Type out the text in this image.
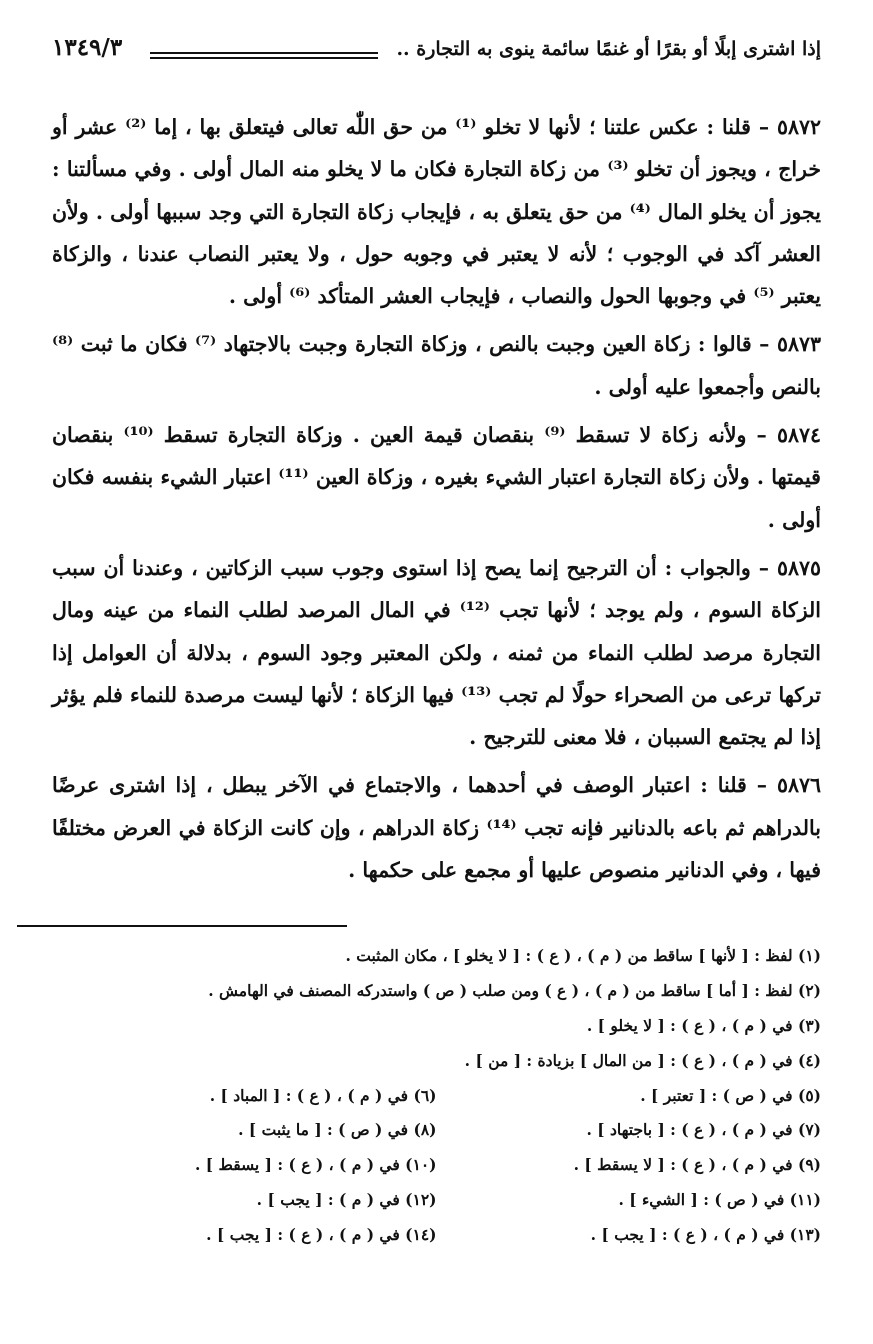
إذا اشترى إبلًا أو بقرًا أو غنمًا سائمة ينوى به التجارة ..
١٣٤٩/٣

٥٨٧٢ – قلنا : عكس علتنا ؛ لأنها لا تخلو ⁽¹⁾ من حق اللّٰه تعالى فيتعلق بها ، إما ⁽²⁾ عشر أو خراج ، ويجوز أن تخلو ⁽³⁾ من زكاة التجارة فكان ما لا يخلو منه المال أولى . وفي مسألتنا : يجوز أن يخلو المال ⁽⁴⁾ من حق يتعلق به ، فإيجاب زكاة التجارة التي وجد سببها أولى . ولأن العشر آكد في الوجوب ؛ لأنه لا يعتبر في وجوبه حول ، ولا يعتبر النصاب عندنا ، والزكاة يعتبر ⁽⁵⁾ في وجوبها الحول والنصاب ، فإيجاب العشر المتأكد ⁽⁶⁾ أولى .

٥٨٧٣ – قالوا : زكاة العين وجبت بالنص ، وزكاة التجارة وجبت بالاجتهاد ⁽⁷⁾ فكان ما ثبت ⁽⁸⁾ بالنص وأجمعوا عليه أولى .

٥٨٧٤ – ولأنه زكاة لا تسقط ⁽⁹⁾ بنقصان قيمة العين . وزكاة التجارة تسقط ⁽¹⁰⁾ بنقصان قيمتها . ولأن زكاة التجارة اعتبار الشيء بغيره ، وزكاة العين ⁽¹¹⁾ اعتبار الشيء بنفسه فكان أولى .

٥٨٧٥ – والجواب : أن الترجيح إنما يصح إذا استوى وجوب سبب الزكاتين ، وعندنا أن سبب الزكاة السوم ، ولم يوجد ؛ لأنها تجب ⁽¹²⁾ في المال المرصد لطلب النماء من عينه ومال التجارة مرصد لطلب النماء من ثمنه ، ولكن المعتبر وجود السوم ، بدلالة أن العوامل إذا تركها ترعى من الصحراء حولًا لم تجب ⁽¹³⁾ فيها الزكاة ؛ لأنها ليست مرصدة للنماء فلم يؤثر إذا لم يجتمع السببان ، فلا معنى للترجيح .

٥٨٧٦ – قلنا : اعتبار الوصف في أحدهما ، والاجتماع في الآخر يبطل ، إذا اشترى عرضًا بالدراهم ثم باعه بالدنانير فإنه تجب ⁽¹⁴⁾ زكاة الدراهم ، وإن كانت الزكاة في العرض مختلفًا فيها ، وفي الدنانير منصوص عليها أو مجمع على حكمها .

(١) لفظ : [ لأنها ] ساقط من ( م ) ، ( ع ) : [ لا يخلو ] ، مكان المثبت .
(٢) لفظ : [ أما ] ساقط من ( م ) ، ( ع ) ومن صلب ( ص ) واستدركه المصنف في الهامش .
(٣) في ( م ) ، ( ع ) : [ لا يخلو ] .
(٤) في ( م ) ، ( ع ) : [ من المال ] بزيادة : [ من ] .
(٥) في ( ص ) : [ تعتبر ] .
(٦) في ( م ) ، ( ع ) : [ المباد ] .
(٧) في ( م ) ، ( ع ) : [ باجتهاد ] .
(٨) في ( ص ) : [ ما يثبت ] .
(٩) في ( م ) ، ( ع ) : [ لا يسقط ] .
(١٠) في ( م ) ، ( ع ) : [ يسقط ] .
(١١) في ( ص ) : [ الشيء ] .
(١٢) في ( م ) : [ يجب ] .
(١٣) في ( م ) ، ( ع ) : [ يجب ] .
(١٤) في ( م ) ، ( ع ) : [ يجب ] .
